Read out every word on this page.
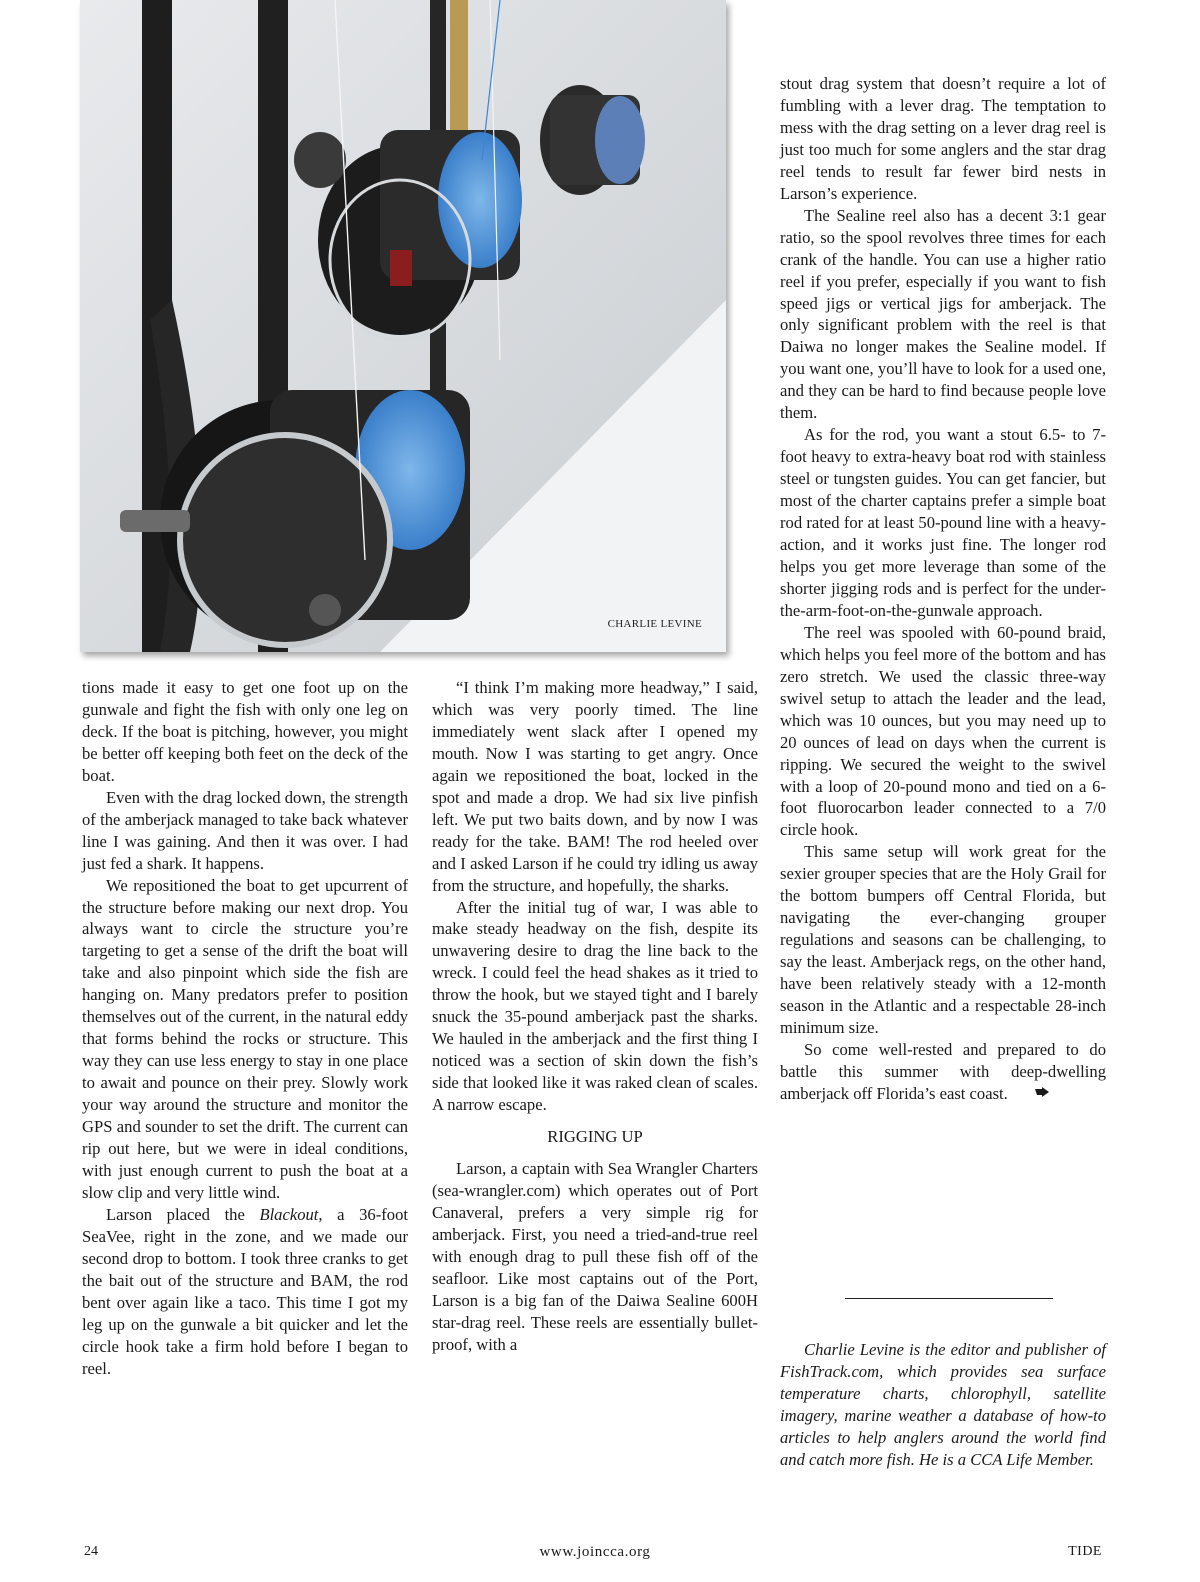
CHARLIE LEVINE

tions made it easy to get one foot up on the gunwale and fight the fish with only one leg on deck. If the boat is pitching, however, you might be better off keeping both feet on the deck of the boat.

Even with the drag locked down, the strength of the amberjack managed to take back whatever line I was gaining. And then it was over. I had just fed a shark. It happens.

We repositioned the boat to get upcurrent of the structure before making our next drop. You always want to circle the structure you’re targeting to get a sense of the drift the boat will take and also pinpoint which side the fish are hanging on. Many predators prefer to position themselves out of the current, in the natural eddy that forms behind the rocks or structure. This way they can use less energy to stay in one place to await and pounce on their prey. Slowly work your way around the structure and monitor the GPS and sounder to set the drift. The current can rip out here, but we were in ideal conditions, with just enough current to push the boat at a slow clip and very little wind.

Larson placed the Blackout, a 36-foot SeaVee, right in the zone, and we made our second drop to bottom. I took three cranks to get the bait out of the structure and BAM, the rod bent over again like a taco. This time I got my leg up on the gunwale a bit quicker and let the circle hook take a firm hold before I began to reel.

“I think I’m making more headway,” I said, which was very poorly timed. The line immediately went slack after I opened my mouth. Now I was starting to get angry. Once again we repositioned the boat, locked in the spot and made a drop. We had six live pinfish left. We put two baits down, and by now I was ready for the take. BAM! The rod heeled over and I asked Larson if he could try idling us away from the structure, and hopefully, the sharks.

After the initial tug of war, I was able to make steady headway on the fish, despite its unwavering desire to drag the line back to the wreck. I could feel the head shakes as it tried to throw the hook, but we stayed tight and I barely snuck the 35-pound amberjack past the sharks. We hauled in the amberjack and the first thing I noticed was a section of skin down the fish’s side that looked like it was raked clean of scales. A narrow escape.

RIGGING UP

Larson, a captain with Sea Wrangler Charters (sea-wrangler.com) which operates out of Port Canaveral, prefers a very simple rig for amberjack. First, you need a tried-and-true reel with enough drag to pull these fish off of the seafloor. Like most captains out of the Port, Larson is a big fan of the Daiwa Sealine 600H star-drag reel. These reels are essentially bullet-proof, with a

stout drag system that doesn’t require a lot of fumbling with a lever drag. The temptation to mess with the drag setting on a lever drag reel is just too much for some anglers and the star drag reel tends to result far fewer bird nests in Larson’s experience.

The Sealine reel also has a decent 3:1 gear ratio, so the spool revolves three times for each crank of the handle. You can use a higher ratio reel if you prefer, especially if you want to fish speed jigs or vertical jigs for amberjack. The only significant problem with the reel is that Daiwa no longer makes the Sealine model. If you want one, you’ll have to look for a used one, and they can be hard to find because people love them.

As for the rod, you want a stout 6.5- to 7-foot heavy to extra-heavy boat rod with stainless steel or tungsten guides. You can get fancier, but most of the charter captains prefer a simple boat rod rated for at least 50-pound line with a heavy-action, and it works just fine. The longer rod helps you get more leverage than some of the shorter jigging rods and is perfect for the under-the-arm-foot-on-the-gunwale approach.

The reel was spooled with 60-pound braid, which helps you feel more of the bottom and has zero stretch. We used the classic three-way swivel setup to attach the leader and the lead, which was 10 ounces, but you may need up to 20 ounces of lead on days when the current is ripping. We secured the weight to the swivel with a loop of 20-pound mono and tied on a 6-foot fluorocarbon leader connected to a 7/0 circle hook.

This same setup will work great for the sexier grouper species that are the Holy Grail for the bottom bumpers off Central Florida, but navigating the ever-changing grouper regulations and seasons can be challenging, to say the least. Amberjack regs, on the other hand, have been relatively steady with a 12-month season in the Atlantic and a respectable 28-inch minimum size.

So come well-rested and prepared to do battle this summer with deep-dwelling amberjack off Florida’s east coast.

Charlie Levine is the editor and publisher of FishTrack.com, which provides sea surface temperature charts, chlorophyll, satellite imagery, marine weather a database of how-to articles to help anglers around the world find and catch more fish. He is a CCA Life Member.

24	www.joincca.org	TIDE
